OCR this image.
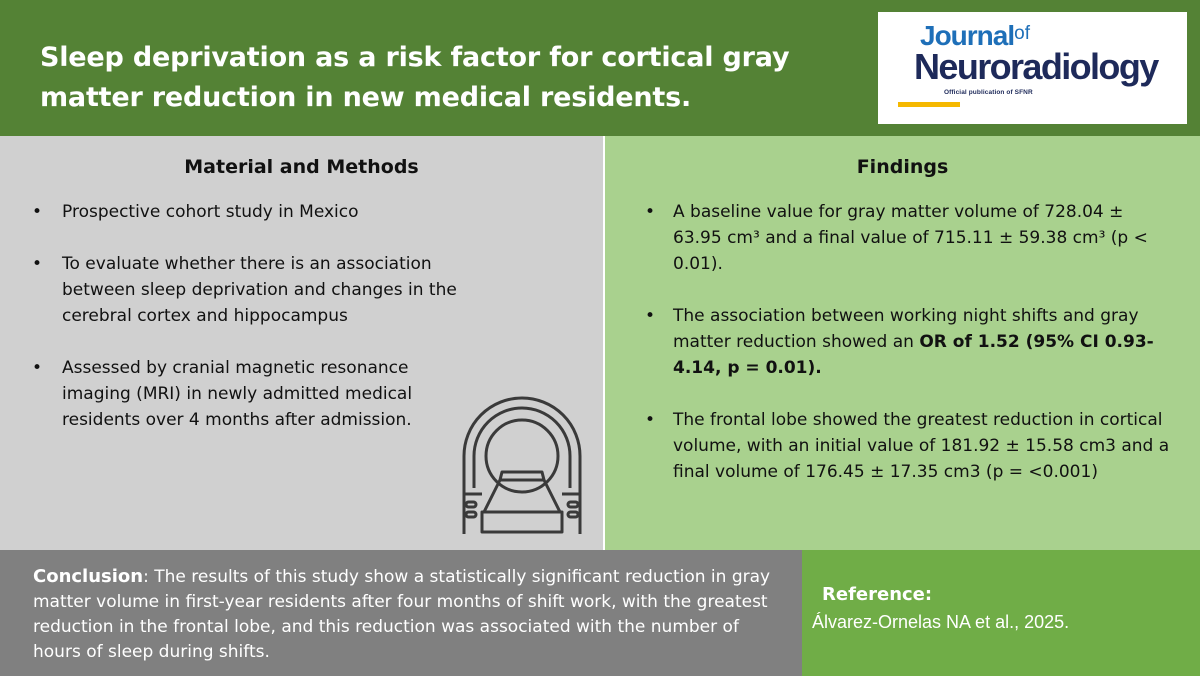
Sleep deprivation as a risk factor for cortical gray matter reduction in new medical residents.
Journal$^{of}$
Neuroradiology
Official publication of SFNR
Material and Methods
• Prospective cohort study in Mexico
• To evaluate whether there is an association between sleep deprivation and changes in the cerebral cortex and hippocampus
• Assessed by cranial magnetic resonance imaging (MRI) in newly admitted medical residents over 4 months after admission.
Findings
• A baseline value for gray matter volume of 728.04 ± 63.95 cm³ and a final value of 715.11 ± 59.38 cm³ (p < 0.01).
• The association between working night shifts and gray matter reduction showed an OR of 1.52 (95% CI 0.93-4.14, p = 0.01).
• The frontal lobe showed the greatest reduction in cortical volume, with an initial value of 181.92 ± 15.58 cm3 and a final volume of 176.45 ± 17.35 cm3 (p = <0.001)
Conclusion: The results of this study show a statistically significant reduction in gray matter volume in first-year residents after four months of shift work, with the greatest reduction in the frontal lobe, and this reduction was associated with the number of hours of sleep during shifts.
Reference:
Álvarez-Ornelas NA et al., 2025.
